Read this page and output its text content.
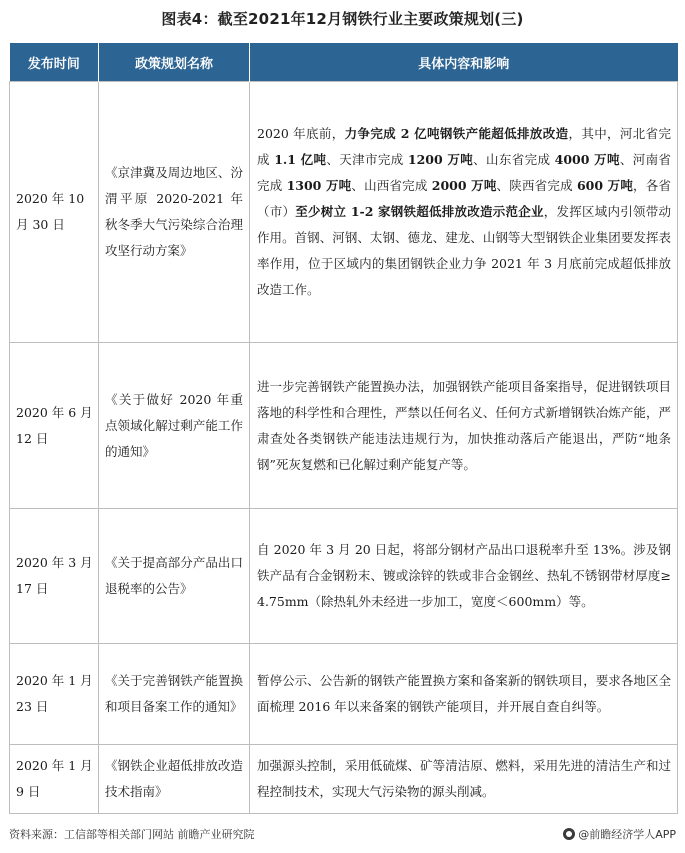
图表4：截至2021年12月钢铁行业主要政策规划(三)
发布时间	政策规划名称	具体内容和影响
2020 年 10 月 30 日	《京津冀及周边地区、汾渭平原 2020-2021 年秋冬季大气污染综合治理攻坚行动方案》	2020 年底前，力争完成 2 亿吨钢铁产能超低排放改造，其中，河北省完成 1.1 亿吨、天津市完成 1200 万吨、山东省完成 4000 万吨、河南省完成 1300 万吨、山西省完成 2000 万吨、陕西省完成 600 万吨，各省（市）至少树立 1-2 家钢铁超低排放改造示范企业，发挥区域内引领带动作用。首钢、河钢、太钢、德龙、建龙、山钢等大型钢铁企业集团要发挥表率作用，位于区域内的集团钢铁企业力争 2021 年 3 月底前完成超低排放改造工作。
2020 年 6 月 12 日	《关于做好 2020 年重点领域化解过剩产能工作的通知》	进一步完善钢铁产能置换办法，加强钢铁产能项目备案指导，促进钢铁项目落地的科学性和合理性，严禁以任何名义、任何方式新增钢铁冶炼产能，严肃查处各类钢铁产能违法违规行为，加快推动落后产能退出，严防“地条钢”死灰复燃和已化解过剩产能复产等。
2020 年 3 月 17 日	《关于提高部分产品出口退税率的公告》	自 2020 年 3 月 20 日起，将部分钢材产品出口退税率升至 13%。涉及钢铁产品有合金钢粉末、镀或涂锌的铁或非合金钢丝、热轧不锈钢带材厚度≥4.75mm（除热轧外未经进一步加工，宽度＜600mm）等。
2020 年 1 月 23 日	《关于完善钢铁产能置换和项目备案工作的通知》	暂停公示、公告新的钢铁产能置换方案和备案新的钢铁项目，要求各地区全面梳理 2016 年以来备案的钢铁产能项目，并开展自查自纠等。
2020 年 1 月 9 日	《钢铁企业超低排放改造技术指南》	加强源头控制，采用低硫煤、矿等清洁原、燃料，采用先进的清洁生产和过程控制技术，实现大气污染物的源头削减。
资料来源：工信部等相关部门网站 前瞻产业研究院	@前瞻经济学人APP
